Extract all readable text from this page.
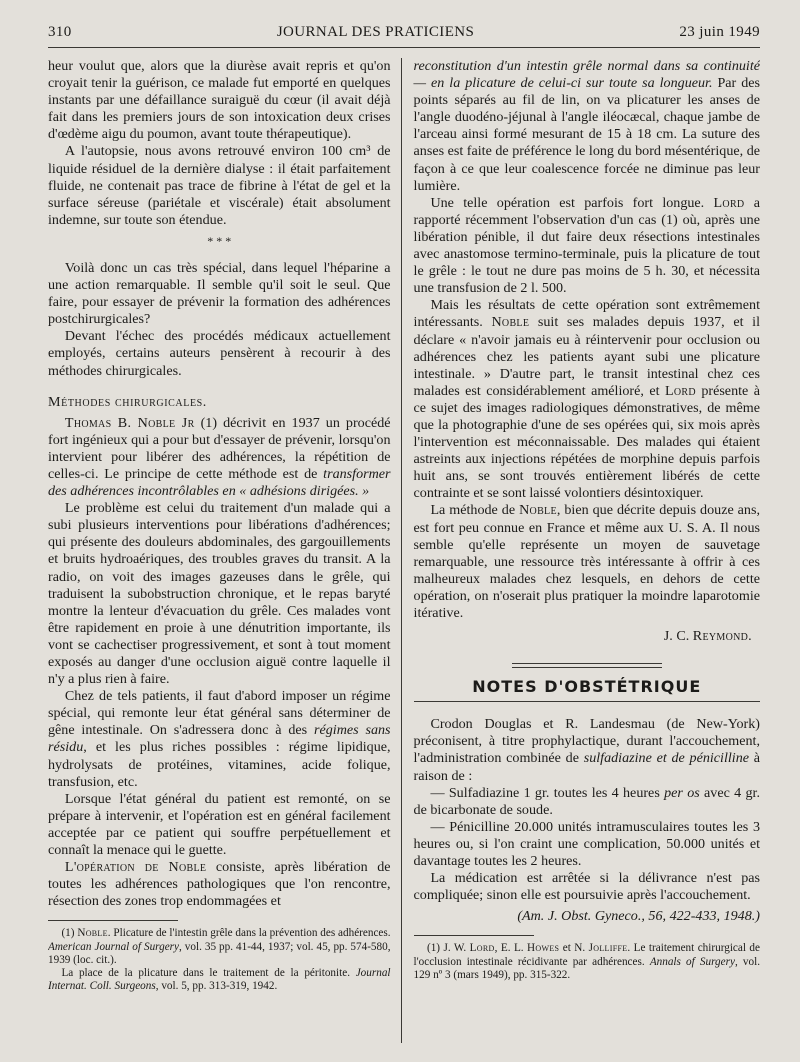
310	JOURNAL DES PRATICIENS	23 juin 1949

heur voulut que, alors que la diurèse avait repris et qu'on croyait tenir la guérison, ce malade fut emporté en quelques instants par une défaillance suraiguë du cœur (il avait déjà fait dans les premiers jours de son intoxication deux crises d'œdème aigu du poumon, avant toute thérapeutique).

A l'autopsie, nous avons retrouvé environ 100 cm³ de liquide résiduel de la dernière dialyse : il était parfaitement fluide, ne contenait pas trace de fibrine à l'état de gel et la surface séreuse (pariétale et viscérale) était absolument indemne, sur toute son étendue.

* * *

Voilà donc un cas très spécial, dans lequel l'héparine a une action remarquable. Il semble qu'il soit le seul. Que faire, pour essayer de prévenir la formation des adhérences postchirurgicales?

Devant l'échec des procédés médicaux actuellement employés, certains auteurs pensèrent à recourir à des méthodes chirurgicales.

Méthodes chirurgicales.

Thomas B. Noble Jr (1) décrivit en 1937 un procédé fort ingénieux qui a pour but d'essayer de prévenir, lorsqu'on intervient pour libérer des adhérences, la répétition de celles-ci. Le principe de cette méthode est de transformer des adhérences incontrôlables en « adhésions dirigées. »

Le problème est celui du traitement d'un malade qui a subi plusieurs interventions pour libérations d'adhérences; qui présente des douleurs abdominales, des gargouillements et bruits hydroaériques, des troubles graves du transit. A la radio, on voit des images gazeuses dans le grêle, qui traduisent la subobstruction chronique, et le repas baryté montre la lenteur d'évacuation du grêle. Ces malades vont être rapidement en proie à une dénutrition importante, ils vont se cachectiser progressivement, et sont à tout moment exposés au danger d'une occlusion aiguë contre laquelle il n'y a plus rien à faire.

Chez de tels patients, il faut d'abord imposer un régime spécial, qui remonte leur état général sans déterminer de gêne intestinale. On s'adressera donc à des régimes sans résidu, et les plus riches possibles : régime lipidique, hydrolysats de protéines, vitamines, acide folique, transfusion, etc.

Lorsque l'état général du patient est remonté, on se prépare à intervenir, et l'opération est en général facilement acceptée par ce patient qui souffre perpétuellement et connaît la menace qui le guette.

L'opération de Noble consiste, après libération de toutes les adhérences pathologiques que l'on rencontre, résection des zones trop endommagées et

(1) Noble. Plicature de l'intestin grêle dans la prévention des adhérences. American Journal of Surgery, vol. 35 pp. 41-44, 1937; vol. 45, pp. 574-580, 1939 (loc. cit.).

La place de la plicature dans le traitement de la péritonite. Journal Internat. Coll. Surgeons, vol. 5, pp. 313-319, 1942.

reconstitution d'un intestin grêle normal dans sa continuité — en la plicature de celui-ci sur toute sa longueur. Par des points séparés au fil de lin, on va plicaturer les anses de l'angle duodéno-jéjunal à l'angle iléocæcal, chaque jambe de l'arceau ainsi formé mesurant de 15 à 18 cm. La suture des anses est faite de préférence le long du bord mésentérique, de façon à ce que leur coalescence forcée ne diminue pas leur lumière.

Une telle opération est parfois fort longue. Lord a rapporté récemment l'observation d'un cas (1) où, après une libération pénible, il dut faire deux résections intestinales avec anastomose termino-terminale, puis la plicature de tout le grêle : le tout ne dure pas moins de 5 h. 30, et nécessita une transfusion de 2 l. 500.

Mais les résultats de cette opération sont extrêmement intéressants. Noble suit ses malades depuis 1937, et il déclare « n'avoir jamais eu à réintervenir pour occlusion ou adhérences chez les patients ayant subi une plicature intestinale. » D'autre part, le transit intestinal chez ces malades est considérablement amélioré, et Lord présente à ce sujet des images radiologiques démonstratives, de même que la photographie d'une de ses opérées qui, six mois après l'intervention est méconnaissable. Des malades qui étaient astreints aux injections répétées de morphine depuis parfois huit ans, se sont trouvés entièrement libérés de cette contrainte et se sont laissé volontiers désintoxiquer.

La méthode de Noble, bien que décrite depuis douze ans, est fort peu connue en France et même aux U. S. A. Il nous semble qu'elle représente un moyen de sauvetage remarquable, une ressource très intéressante à offrir à ces malheureux malades chez lesquels, en dehors de cette opération, on n'oserait plus pratiquer la moindre laparotomie itérative.

J. C. Reymond.
NOTES D'OBSTÉTRIQUE

Crodon Douglas et R. Landesmau (de New-York) préconisent, à titre prophylactique, durant l'accouchement, l'administration combinée de sulfadiazine et de pénicilline à raison de :

— Sulfadiazine 1 gr. toutes les 4 heures per os avec 4 gr. de bicarbonate de soude.

— Pénicilline 20.000 unités intramusculaires toutes les 3 heures ou, si l'on craint une complication, 50.000 unités et davantage toutes les 2 heures.

La médication est arrêtée si la délivrance n'est pas compliquée; sinon elle est poursuivie après l'accouchement.

(Am. J. Obst. Gyneco., 56, 422-433, 1948.)

(1) J. W. Lord, E. L. Howes et N. Jolliffe. Le traitement chirurgical de l'occlusion intestinale récidivante par adhérences. Annals of Surgery, vol. 129 nº 3 (mars 1949), pp. 315-322.
